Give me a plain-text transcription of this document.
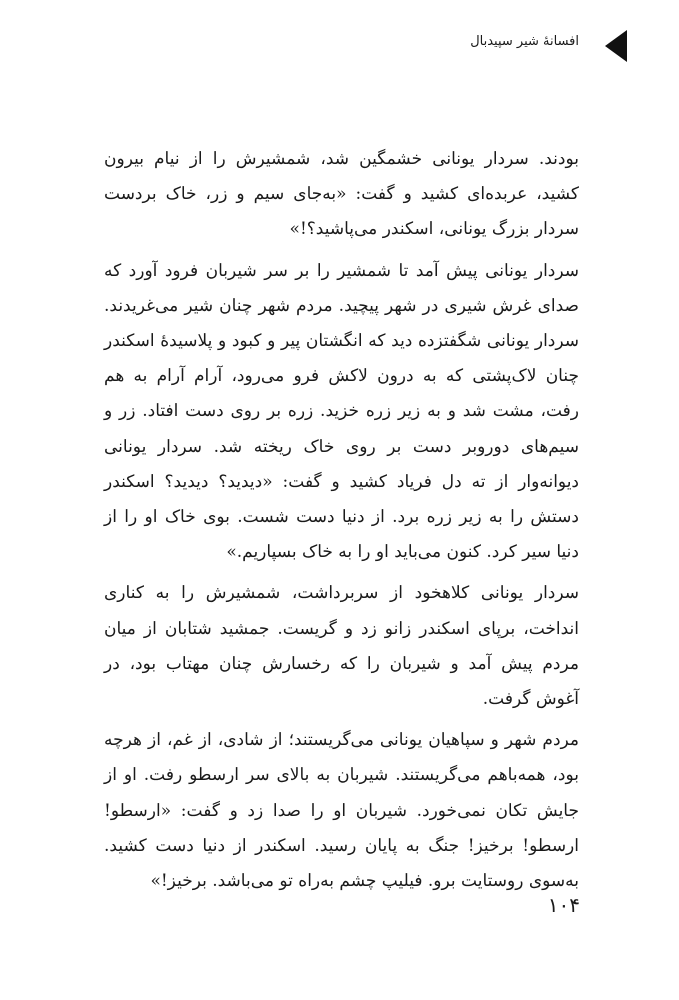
افسانهٔ شیر سپیدبال

بودند. سردار یونانی خشمگین شد، شمشیرش را از نیام بیرون کشید، عربده‌ای کشید و گفت: «به‌جای سیم و زر، خاک بردست سردار بزرگ یونانی، اسکندر می‌پاشید؟!»

سردار یونانی پیش آمد تا شمشیر را بر سر شیربان فرود آورد که صدای غرش شیری در شهر پیچید. مردم شهر چنان شیر می‌غریدند. سردار یونانی شگفتزده دید که انگشتان پیر و کبود و پلاسیدهٔ اسکندر چنان لاک‌پشتی که به درون لاکش فرو می‌رود، آرام آرام به هم رفت، مشت شد و به زیر زره خزید. زره بر روی دست افتاد. زر و سیم‌های دوروبر دست بر روی خاک ریخته شد. سردار یونانی دیوانه‌وار از ته دل فریاد کشید و گفت: «دیدید؟ دیدید؟ اسکندر دستش را به زیر زره برد. از دنیا دست شست. بوی خاک او را از دنیا سیر کرد. کنون می‌باید او را به خاک بسپاریم.»

سردار یونانی کلاهخود از سربرداشت، شمشیرش را به کناری انداخت، برپای اسکندر زانو زد و گریست. جمشید شتابان از میان مردم پیش آمد و شیربان را که رخسارش چنان مهتاب بود، در آغوش گرفت.

مردم شهر و سپاهیان یونانی می‌گریستند؛ از شادی، از غم، از هرچه بود، همه‌باهم می‌گریستند. شیربان به بالای سر ارسطو رفت. او از جایش تکان نمی‌خورد. شیربان او را صدا زد و گفت: «ارسطو! ارسطو! برخیز! جنگ به پایان رسید. اسکندر از دنیا دست کشید. به‌سوی روستایت برو. فیلیپ چشم به‌راه تو می‌باشد. برخیز!»

۱۰۴
